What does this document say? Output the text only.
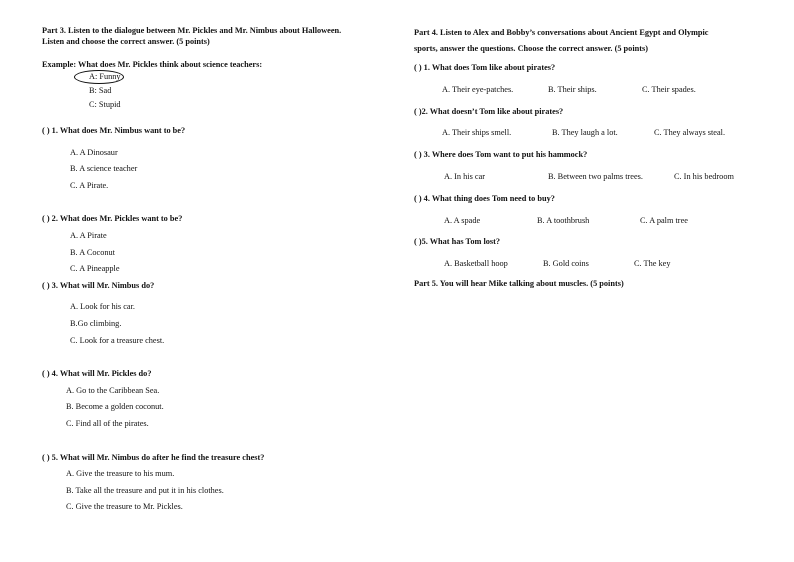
Part 3. Listen to the dialogue between Mr. Pickles and Mr. Nimbus about Halloween.
Listen and choose the correct answer. (5 points)
Example: What does Mr. Pickles think about science teachers:
A: Funny
B: Sad
C: Stupid
( ) 1. What does Mr. Nimbus want to be?
A. A Dinosaur
B. A science teacher
C. A Pirate.
( ) 2. What does Mr. Pickles want to be?
A. A Pirate
B. A Coconut
C. A Pineapple
( ) 3. What will Mr. Nimbus do?
A. Look for his car.
B.Go climbing.
C. Look for a treasure chest.
( ) 4. What will Mr. Pickles do?
A. Go to the Caribbean Sea.
B. Become a golden coconut.
C. Find all of the pirates.
( ) 5. What will Mr. Nimbus do after he find the treasure chest?
A. Give the treasure to his mum.
B. Take all the treasure and put it in his clothes.
C. Give the treasure to Mr. Pickles.
Part 4. Listen to Alex and Bobby’s conversations about Ancient Egypt and Olympic
sports, answer the questions. Choose the correct answer. (5 points)
( ) 1. What does Tom like about pirates?
A. Their eye-patches.	B. Their ships.	C. Their spades.
( )2. What doesn’t Tom like about pirates?
A. Their ships smell.	B. They laugh a lot.	C. They always steal.
( ) 3. Where does Tom want to put his hammock?
A. In his car	B. Between two palms trees.	C. In his bedroom
( ) 4. What thing does Tom need to buy?
A. A spade	B. A toothbrush	C. A palm tree
( )5. What has Tom lost?
A. Basketball hoop	B. Gold coins	C. The key
Part 5. You will hear Mike talking about muscles. (5 points)
